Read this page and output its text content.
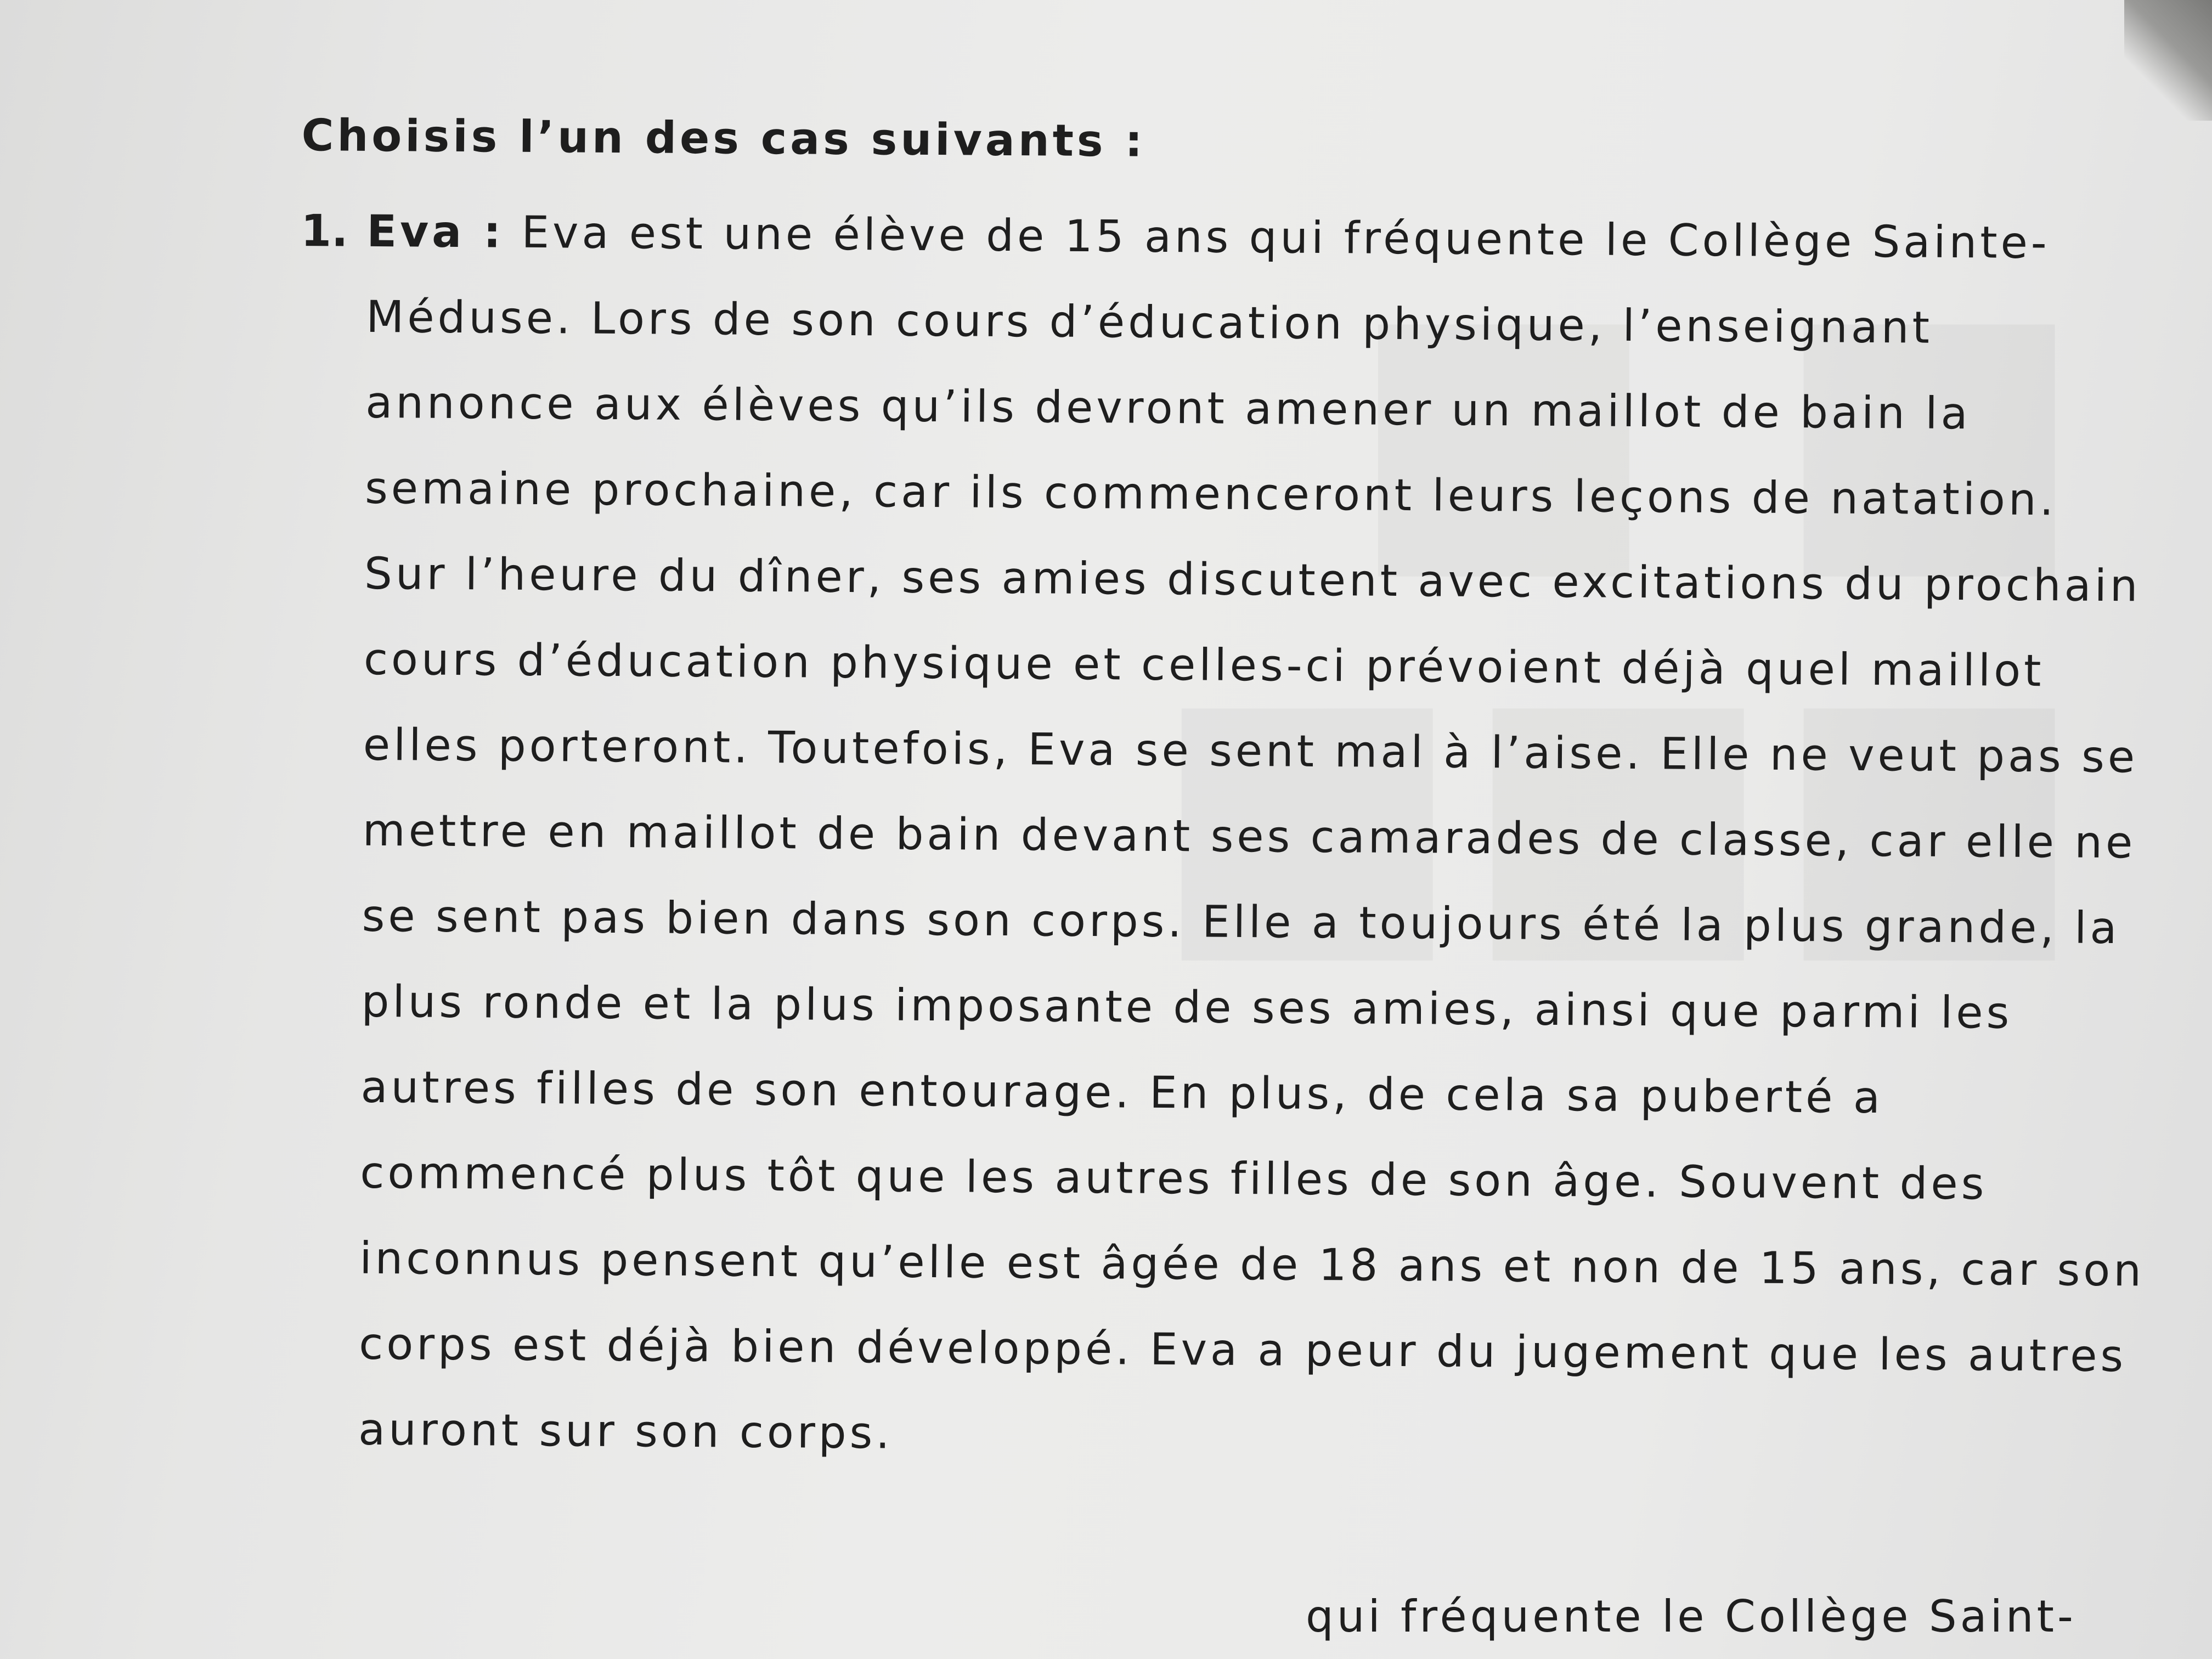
Choisis l’un des cas suivants :
1. Eva : Eva est une élève de 15 ans qui fréquente le Collège Sainte-
Méduse. Lors de son cours d’éducation physique, l’enseignant
annonce aux élèves qu’ils devront amener un maillot de bain la
semaine prochaine, car ils commenceront leurs leçons de natation.
Sur l’heure du dîner, ses amies discutent avec excitations du prochain
cours d’éducation physique et celles-ci prévoient déjà quel maillot
elles porteront. Toutefois, Eva se sent mal à l’aise. Elle ne veut pas se
mettre en maillot de bain devant ses camarades de classe, car elle ne
se sent pas bien dans son corps. Elle a toujours été la plus grande, la
plus ronde et la plus imposante de ses amies, ainsi que parmi les
autres filles de son entourage. En plus, de cela sa puberté a
commencé plus tôt que les autres filles de son âge. Souvent des
inconnus pensent qu’elle est âgée de 18 ans et non de 15 ans, car son
corps est déjà bien développé. Eva a peur du jugement que les autres
auront sur son corps.
qui fréquente le Collège Saint-
